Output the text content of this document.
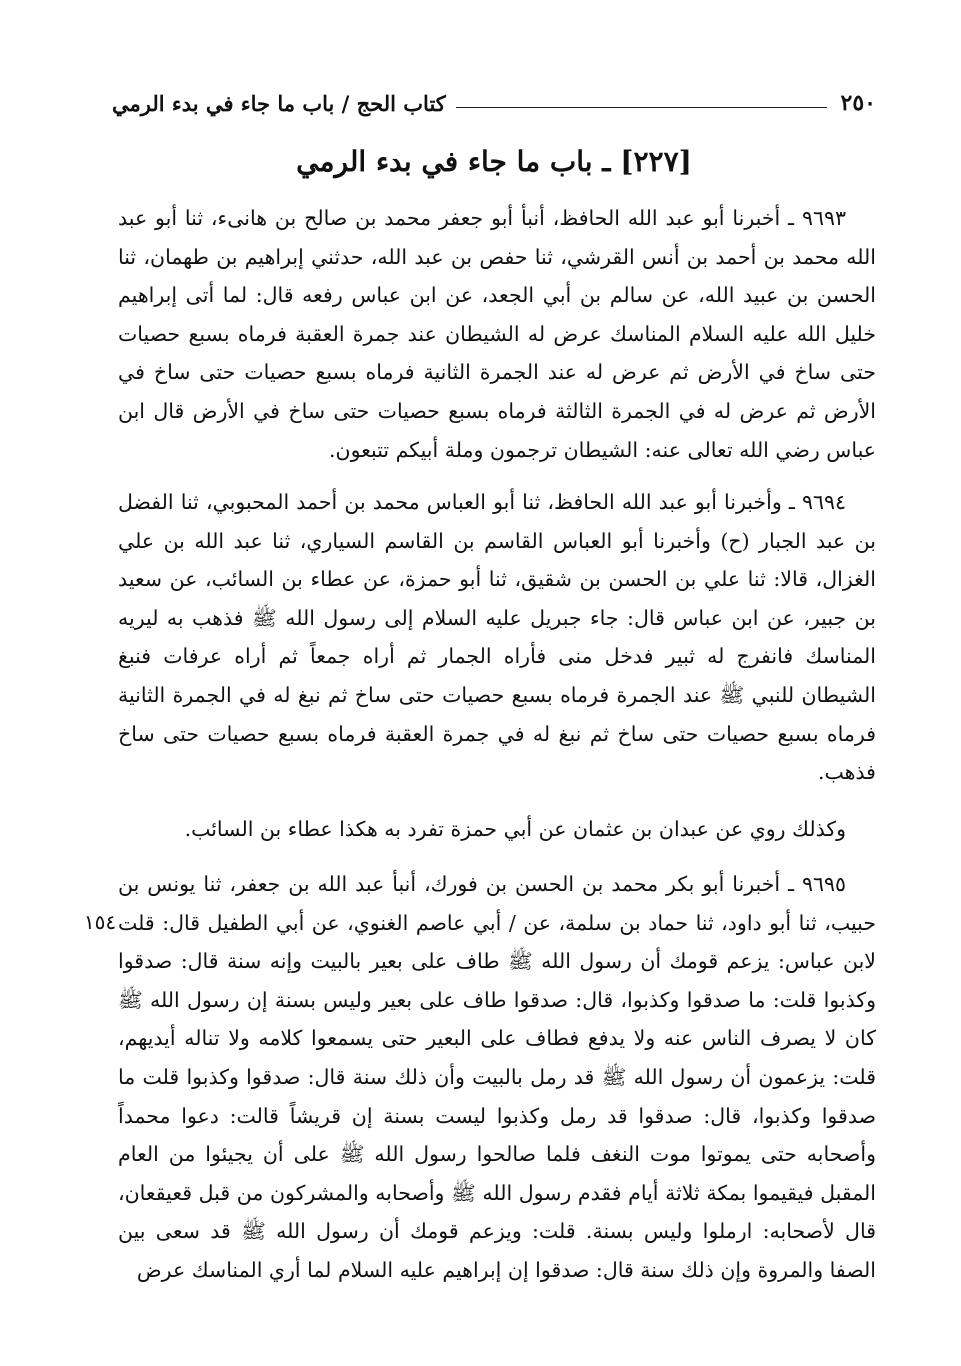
٢٥٠
كتاب الحج / باب ما جاء في بدء الرمي
[٢٢٧] ـ باب ما جاء في بدء الرمي

٩٦٩٣ ـ أخبرنا أبو عبد الله الحافظ، أنبأ أبو جعفر محمد بن صالح بن هانىء، ثنا أبو عبد الله محمد بن أحمد بن أنس القرشي، ثنا حفص بن عبد الله، حدثني إبراهيم بن طهمان، ثنا الحسن بن عبيد الله، عن سالم بن أبي الجعد، عن ابن عباس رفعه قال: لما أتى إبراهيم خليل الله عليه السلام المناسك عرض له الشيطان عند جمرة العقبة فرماه بسبع حصيات حتى ساخ في الأرض ثم عرض له عند الجمرة الثانية فرماه بسبع حصيات حتى ساخ في الأرض ثم عرض له في الجمرة الثالثة فرماه بسبع حصيات حتى ساخ في الأرض قال ابن عباس رضي الله تعالى عنه: الشيطان ترجمون وملة أبيكم تتبعون.

٩٦٩٤ ـ وأخبرنا أبو عبد الله الحافظ، ثنا أبو العباس محمد بن أحمد المحبوبي، ثنا الفضل بن عبد الجبار (ح) وأخبرنا أبو العباس القاسم بن القاسم السياري، ثنا عبد الله بن علي الغزال، قالا: ثنا علي بن الحسن بن شقيق، ثنا أبو حمزة، عن عطاء بن السائب، عن سعيد بن جبير، عن ابن عباس قال: جاء جبريل عليه السلام إلى رسول الله ﷺ فذهب به ليريه المناسك فانفرج له ثبير فدخل منى فأراه الجمار ثم أراه جمعاً ثم أراه عرفات فنبغ الشيطان للنبي ﷺ عند الجمرة فرماه بسبع حصيات حتى ساخ ثم نبغ له في الجمرة الثانية فرماه بسبع حصيات حتى ساخ ثم نبغ له في جمرة العقبة فرماه بسبع حصيات حتى ساخ فذهب.

وكذلك روي عن عبدان بن عثمان عن أبي حمزة تفرد به هكذا عطاء بن السائب.

٩٦٩٥ ـ أخبرنا أبو بكر محمد بن الحسن بن فورك، أنبأ عبد الله بن جعفر، ثنا يونس بن حبيب، ثنا أبو داود، ثنا حماد بن سلمة، عن / أبي عاصم الغنوي، عن أبي الطفيل قال: قلت لابن عباس: يزعم قومك أن رسول الله ﷺ طاف على بعير بالبيت وإنه سنة قال: صدقوا وكذبوا قلت: ما صدقوا وكذبوا، قال: صدقوا طاف على بعير وليس بسنة إن رسول الله ﷺ كان لا يصرف الناس عنه ولا يدفع فطاف على البعير حتى يسمعوا كلامه ولا تناله أيديهم، قلت: يزعمون أن رسول الله ﷺ قد رمل بالبيت وأن ذلك سنة قال: صدقوا وكذبوا قلت ما صدقوا وكذبوا، قال: صدقوا قد رمل وكذبوا ليست بسنة إن قريشاً قالت: دعوا محمداً وأصحابه حتى يموتوا موت النغف فلما صالحوا رسول الله ﷺ على أن يجيئوا من العام المقبل فيقيموا بمكة ثلاثة أيام فقدم رسول الله ﷺ وأصحابه والمشركون من قبل قعيقعان، قال لأصحابه: ارملوا وليس بسنة. قلت: ويزعم قومك أن رسول الله ﷺ قد سعى بين الصفا والمروة وإن ذلك سنة قال: صدقوا إن إبراهيم عليه السلام لما أري المناسك عرض

١٥٤
